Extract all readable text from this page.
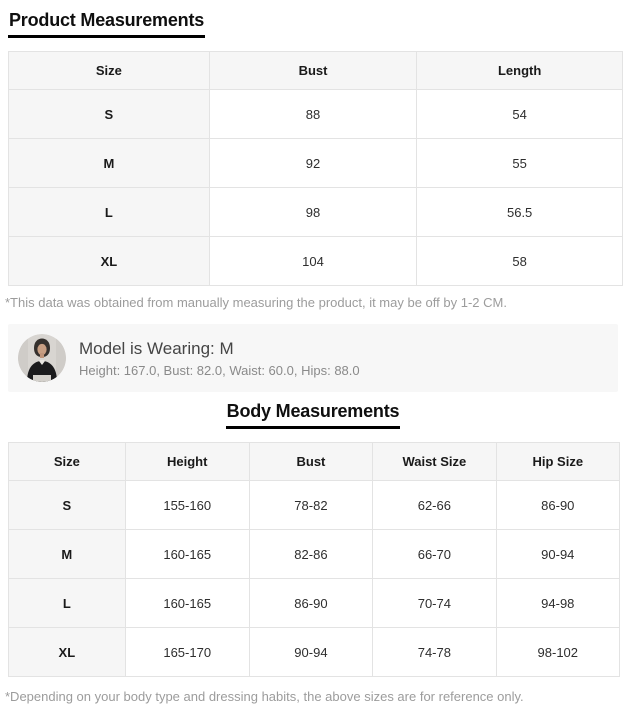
Product Measurements
Size	Bust	Length
S	88	54
M	92	55
L	98	56.5
XL	104	58

*This data was obtained from manually measuring the product, it may be off by 1-2 CM.

Model is Wearing: M
Height: 167.0, Bust: 82.0, Waist: 60.0, Hips: 88.0
Body Measurements
Size	Height	Bust	Waist Size	Hip Size
S	155-160	78-82	62-66	86-90
M	160-165	82-86	66-70	90-94
L	160-165	86-90	70-74	94-98
XL	165-170	90-94	74-78	98-102

*Depending on your body type and dressing habits, the above sizes are for reference only.
